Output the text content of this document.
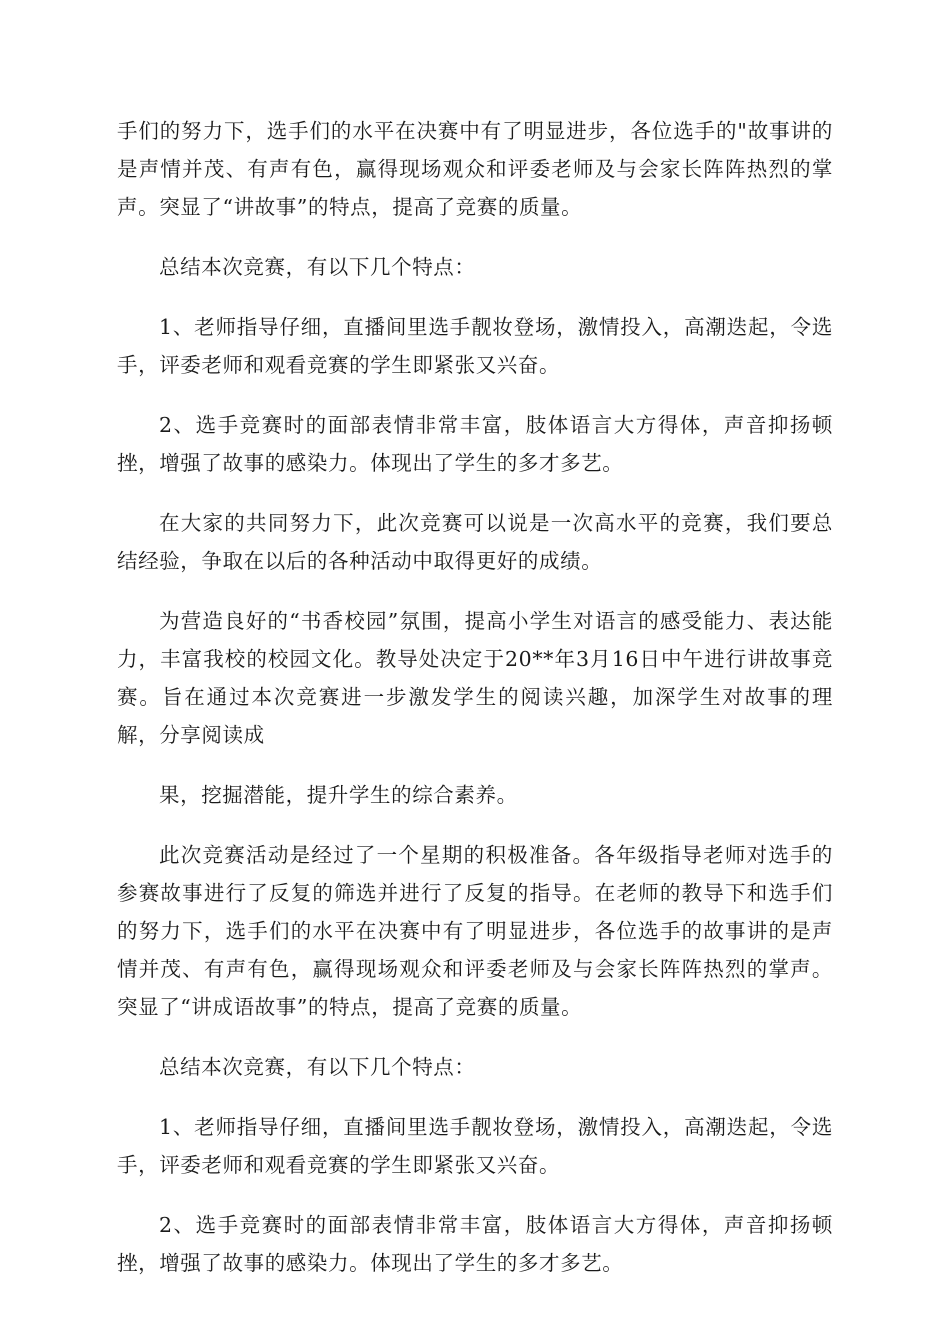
手们的努力下，选手们的水平在决赛中有了明显进步，各位选手的"故事讲的是声情并茂、有声有色，赢得现场观众和评委老师及与会家长阵阵热烈的掌声。突显了“讲故事”的特点，提高了竞赛的质量。

总结本次竞赛，有以下几个特点：

1、老师指导仔细，直播间里选手靓妆登场，激情投入，高潮迭起，令选手，评委老师和观看竞赛的学生即紧张又兴奋。

2、选手竞赛时的面部表情非常丰富，肢体语言大方得体，声音抑扬顿挫，增强了故事的感染力。体现出了学生的多才多艺。

在大家的共同努力下，此次竞赛可以说是一次高水平的竞赛，我们要总结经验，争取在以后的各种活动中取得更好的成绩。

为营造良好的“书香校园”氛围，提高小学生对语言的感受能力、表达能力，丰富我校的校园文化。教导处决定于20**年3月16日中午进行讲故事竞赛。旨在通过本次竞赛进一步激发学生的阅读兴趣，加深学生对故事的理解，分享阅读成

果，挖掘潜能，提升学生的综合素养。

此次竞赛活动是经过了一个星期的积极准备。各年级指导老师对选手的参赛故事进行了反复的筛选并进行了反复的指导。在老师的教导下和选手们的努力下，选手们的水平在决赛中有了明显进步，各位选手的故事讲的是声情并茂、有声有色，赢得现场观众和评委老师及与会家长阵阵热烈的掌声。突显了“讲成语故事”的特点，提高了竞赛的质量。

总结本次竞赛，有以下几个特点：

1、老师指导仔细，直播间里选手靓妆登场，激情投入，高潮迭起，令选手，评委老师和观看竞赛的学生即紧张又兴奋。

2、选手竞赛时的面部表情非常丰富，肢体语言大方得体，声音抑扬顿挫，增强了故事的感染力。体现出了学生的多才多艺。
